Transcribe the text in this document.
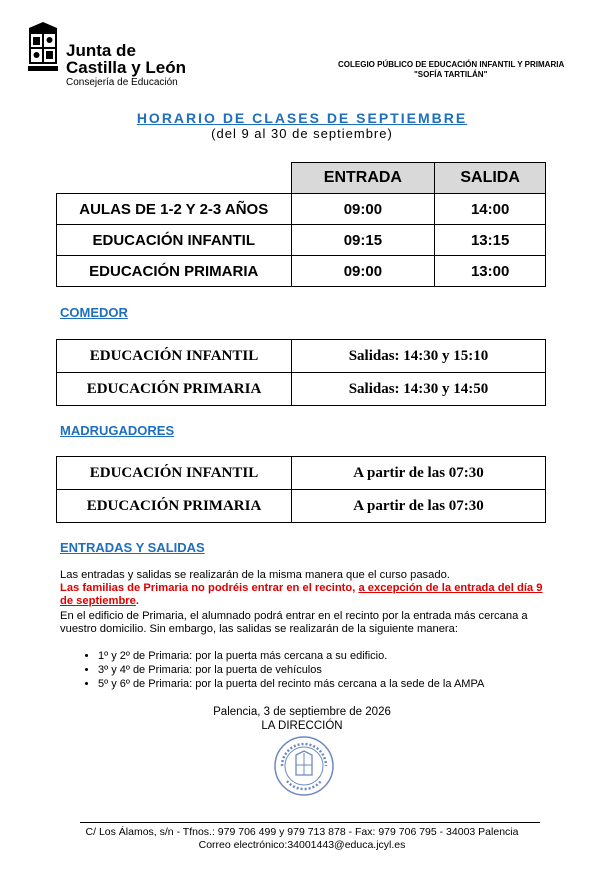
Junta de
Castilla y León
Consejería de Educación
COLEGIO PÚBLICO DE EDUCACIÓN INFANTIL Y PRIMARIA
"SOFÍA TARTILÁN"
HORARIO DE CLASES DE SEPTIEMBRE
(del 9 al 30 de septiembre)
	ENTRADA	SALIDA
AULAS DE 1-2 Y 2-3 AÑOS	09:00	14:00
EDUCACIÓN INFANTIL	09:15	13:15
EDUCACIÓN PRIMARIA	09:00	13:00
COMEDOR
EDUCACIÓN INFANTIL	Salidas: 14:30 y 15:10
EDUCACIÓN PRIMARIA	Salidas: 14:30 y 14:50
MADRUGADORES
EDUCACIÓN INFANTIL	A partir de las 07:30
EDUCACIÓN PRIMARIA	A partir de las 07:30
ENTRADAS Y SALIDAS
Las entradas y salidas se realizarán de la misma manera que el curso pasado.
Las familias de Primaria no podréis entrar en el recinto, a excepción de la entrada del día 9 de septiembre.
En el edificio de Primaria, el alumnado podrá entrar en el recinto por la entrada más cercana a vuestro domicilio. Sin embargo, las salidas se realizarán de la siguiente manera:
• 1º y 2º de Primaria: por la puerta más cercana a su edificio.
• 3º y 4º de Primaria: por la puerta de vehículos
• 5º y 6º de Primaria: por la puerta del recinto más cercana a la sede de la AMPA
Palencia, 3 de septiembre de 2026
LA DIRECCIÓN
C/ Los Álamos, s/n - Tfnos.: 979 706 499 y 979 713 878 - Fax: 979 706 795 - 34003 Palencia
Correo electrónico:34001443@educa.jcyl.es
